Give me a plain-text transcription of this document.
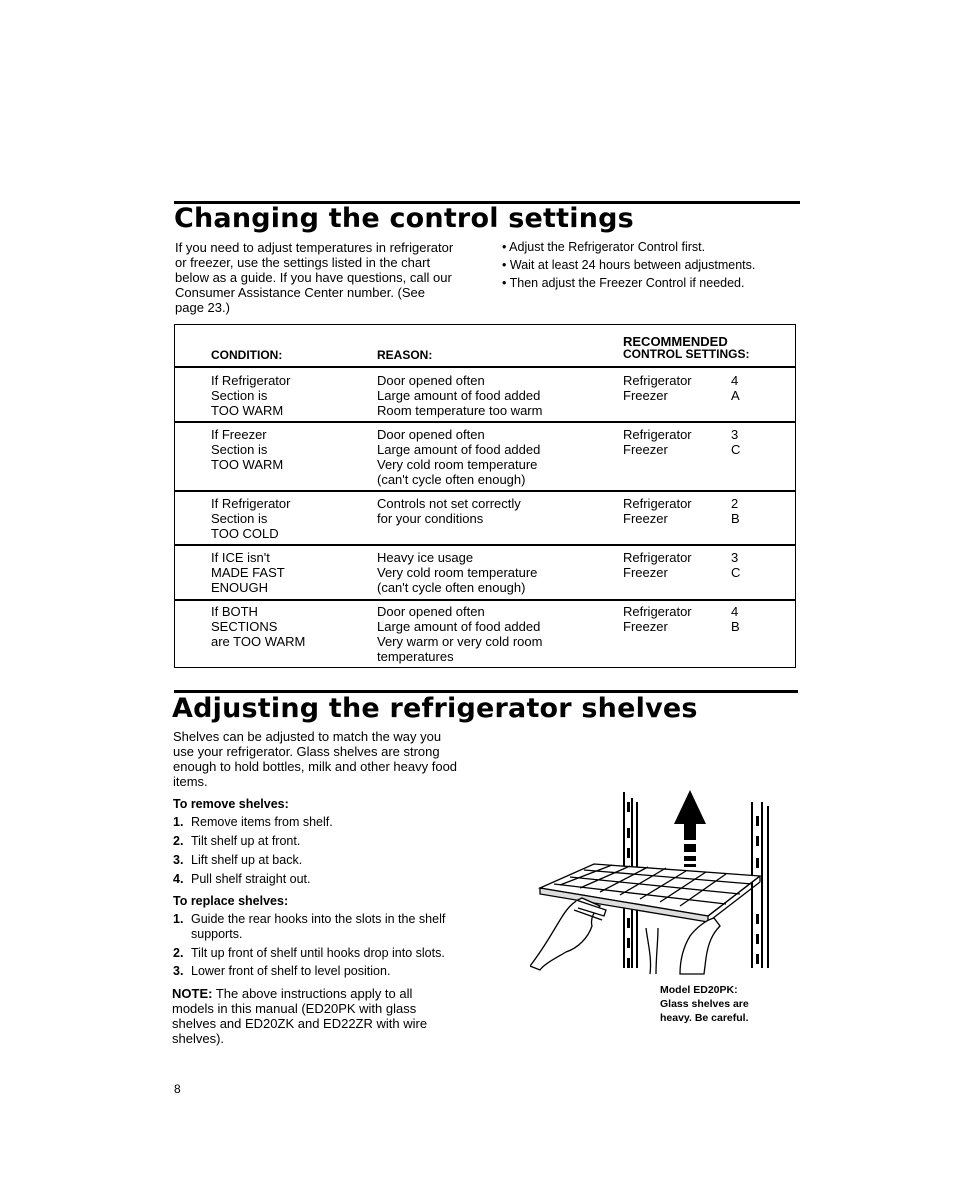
Changing the control settings
If you need to adjust temperatures in refrigerator
or freezer, use the settings listed in the chart
below as a guide. If you have questions, call our
Consumer Assistance Center number. (See
page 23.)
• Adjust the Refrigerator Control first.
• Wait at least 24 hours between adjustments.
• Then adjust the Freezer Control if needed.
CONDITION:	REASON:
RECOMMENDED
CONTROL SETTINGS:
If Refrigerator
Section is
TOO WARM
Door opened often
Large amount of food added
Room temperature too warm
Refrigerator
Freezer
4
A
If Freezer
Section is
TOO WARM
Door opened often
Large amount of food added
Very cold room temperature
(can't cycle often enough)
Refrigerator
Freezer
3
C
If Refrigerator
Section is
TOO COLD
Controls not set correctly
for your conditions
Refrigerator
Freezer
2
B
If ICE isn't
MADE FAST
ENOUGH
Heavy ice usage
Very cold room temperature
(can't cycle often enough)
Refrigerator
Freezer
3
C
If BOTH
SECTIONS
are TOO WARM
Door opened often
Large amount of food added
Very warm or very cold room
temperatures
Refrigerator
Freezer
4
B
Adjusting the refrigerator shelves
Shelves can be adjusted to match the way you
use your refrigerator. Glass shelves are strong
enough to hold bottles, milk and other heavy food
items.
To remove shelves:
1. Remove items from shelf.
2. Tilt shelf up at front.
3. Lift shelf up at back.
4. Pull shelf straight out.
To replace shelves:
1. Guide the rear hooks into the slots in the shelf
supports.
2. Tilt up front of shelf until hooks drop into slots.
3. Lower front of shelf to level position.
NOTE: The above instructions apply to all
models in this manual (ED20PK with glass
shelves and ED20ZK and ED22ZR with wire
shelves).
Model ED20PK:
Glass shelves are
heavy. Be careful.
8
